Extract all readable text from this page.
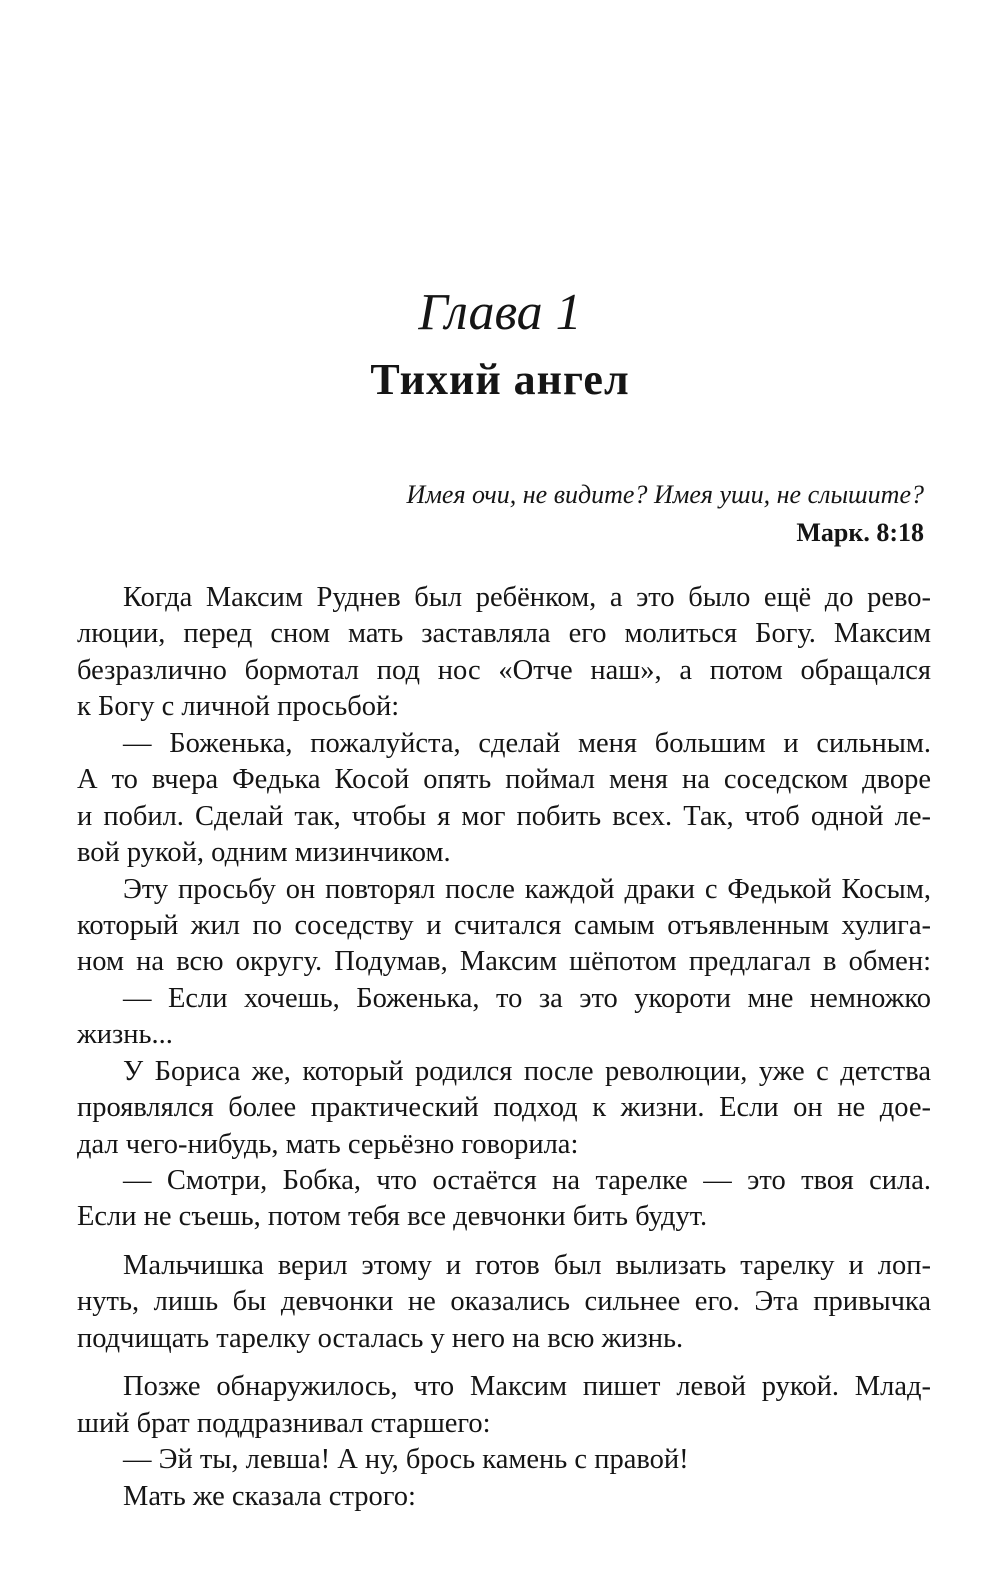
Глава 1
Тихий ангел
Имея очи, не видите? Имея уши, не слышите?
Марк. 8:18
Когда Максим Руднев был ребёнком, а это было ещё до рево-
люции, перед сном мать заставляла его молиться Богу. Максим
безразлично бормотал под нос «Отче наш», а потом обращался
к Богу с личной просьбой:
— Боженька, пожалуйста, сделай меня большим и сильным.
А то вчера Федька Косой опять поймал меня на соседском дворе
и побил. Сделай так, чтобы я мог побить всех. Так, чтоб одной ле-
вой рукой, одним мизинчиком.
Эту просьбу он повторял после каждой драки с Федькой Косым,
который жил по соседству и считался самым отъявленным хулига-
ном на всю округу. Подумав, Максим шёпотом предлагал в обмен:
— Если хочешь, Боженька, то за это укороти мне немножко
жизнь...
У Бориса же, который родился после революции, уже с детства
проявлялся более практический подход к жизни. Если он не дое-
дал чего-нибудь, мать серьёзно говорила:
— Смотри, Бобка, что остаётся на тарелке — это твоя сила.
Если не съешь, потом тебя все девчонки бить будут.
Мальчишка верил этому и готов был вылизать тарелку и лоп-
нуть, лишь бы девчонки не оказались сильнее его. Эта привычка
подчищать тарелку осталась у него на всю жизнь.
Позже обнаружилось, что Максим пишет левой рукой. Млад-
ший брат поддразнивал старшего:
— Эй ты, левша! А ну, брось камень с правой!
Мать же сказала строго:
